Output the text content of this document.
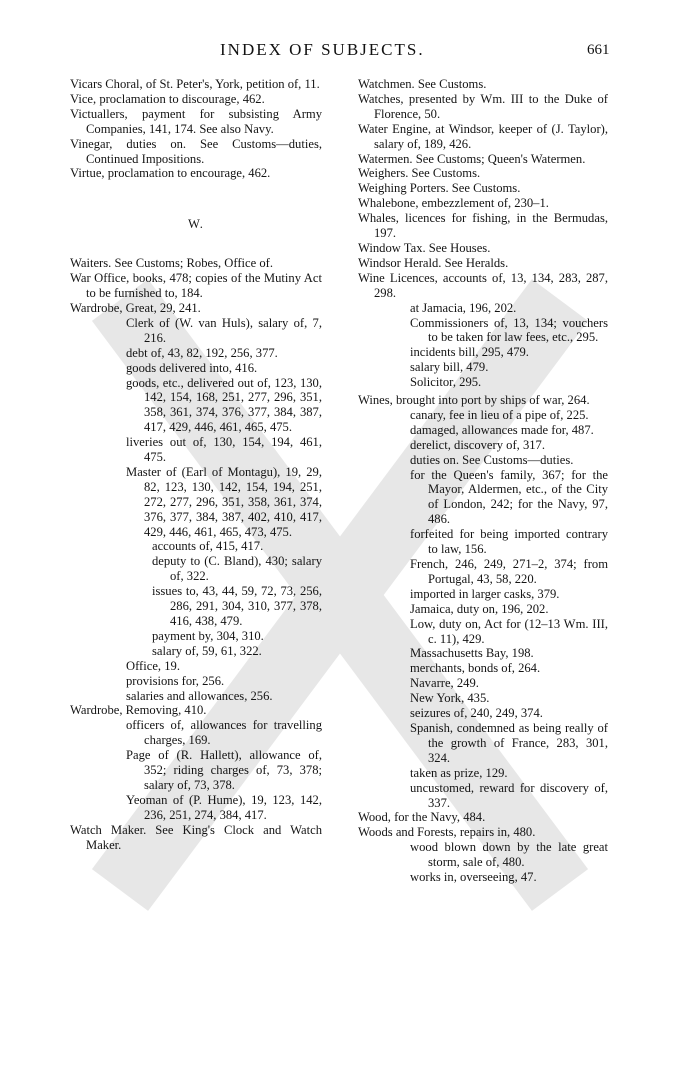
INDEX OF SUBJECTS.	661

Vicars Choral, of St. Peter's, York, petition of, 11.

Vice, proclamation to discourage, 462.

Victuallers, payment for subsisting Army Companies, 141, 174. See also Navy.

Vinegar, duties on. See Customs—duties, Continued Impositions.

Virtue, proclamation to encourage, 462.

W.

Waiters. See Customs; Robes, Office of.

War Office, books, 478; copies of the Mutiny Act to be furnished to, 184.

Wardrobe, Great, 29, 241.

Clerk of (W. van Huls), salary of, 7, 216.

debt of, 43, 82, 192, 256, 377.

goods delivered into, 416.

goods, etc., delivered out of, 123, 130, 142, 154, 168, 251, 277, 296, 351, 358, 361, 374, 376, 377, 384, 387, 417, 429, 446, 461, 465, 475.

liveries out of, 130, 154, 194, 461, 475.

Master of (Earl of Montagu), 19, 29, 82, 123, 130, 142, 154, 194, 251, 272, 277, 296, 351, 358, 361, 374, 376, 377, 384, 387, 402, 410, 417, 429, 446, 461, 465, 473, 475.

accounts of, 415, 417.

deputy to (C. Bland), 430; salary of, 322.

issues to, 43, 44, 59, 72, 73, 256, 286, 291, 304, 310, 377, 378, 416, 438, 479.

payment by, 304, 310.

salary of, 59, 61, 322.

Office, 19.

provisions for, 256.

salaries and allowances, 256.

Wardrobe, Removing, 410.

officers of, allowances for travelling charges, 169.

Page of (R. Hallett), allowance of, 352; riding charges of, 73, 378; salary of, 73, 378.

Yeoman of (P. Hume), 19, 123, 142, 236, 251, 274, 384, 417.

Watch Maker. See King's Clock and Watch Maker.

Watchmen. See Customs.

Watches, presented by Wm. III to the Duke of Florence, 50.

Water Engine, at Windsor, keeper of (J. Taylor), salary of, 189, 426.

Watermen. See Customs; Queen's Watermen.

Weighers. See Customs.

Weighing Porters. See Customs.

Whalebone, embezzlement of, 230–1.

Whales, licences for fishing, in the Bermudas, 197.

Window Tax. See Houses.

Windsor Herald. See Heralds.

Wine Licences, accounts of, 13, 134, 283, 287, 298.

at Jamacia, 196, 202.

Commissioners of, 13, 134; vouchers to be taken for law fees, etc., 295.

incidents bill, 295, 479.

salary bill, 479.

Solicitor, 295.

Wines, brought into port by ships of war, 264.

canary, fee in lieu of a pipe of, 225.

damaged, allowances made for, 487.

derelict, discovery of, 317.

duties on. See Customs—duties.

for the Queen's family, 367; for the Mayor, Aldermen, etc., of the City of London, 242; for the Navy, 97, 486.

forfeited for being imported contrary to law, 156.

French, 246, 249, 271–2, 374; from Portugal, 43, 58, 220.

imported in larger casks, 379.

Jamaica, duty on, 196, 202.

Low, duty on, Act for (12–13 Wm. III, c. 11), 429.

Massachusetts Bay, 198.

merchants, bonds of, 264.

Navarre, 249.

New York, 435.

seizures of, 240, 249, 374.

Spanish, condemned as being really of the growth of France, 283, 301, 324.

taken as prize, 129.

uncustomed, reward for discovery of, 337.

Wood, for the Navy, 484.

Woods and Forests, repairs in, 480.

wood blown down by the late great storm, sale of, 480.

works in, overseeing, 47.
